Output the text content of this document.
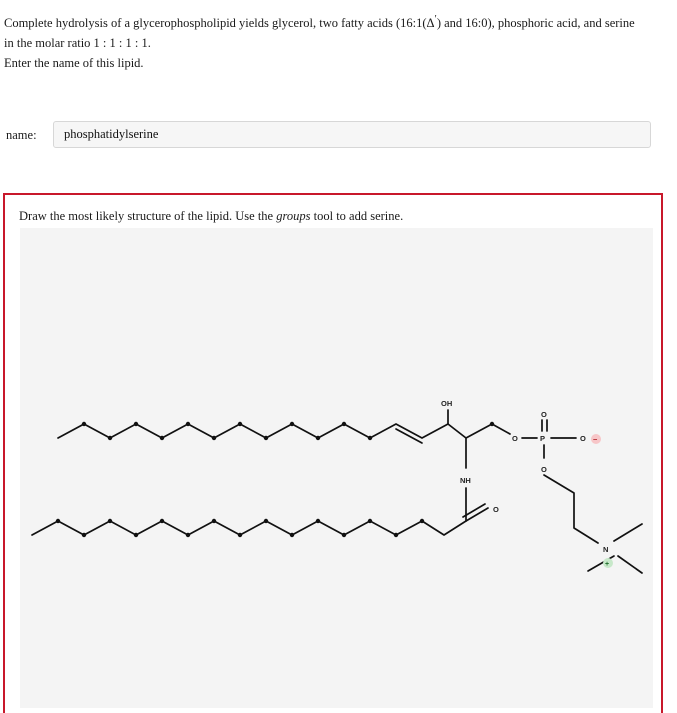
Complete hydrolysis of a glycerophospholipid yields glycerol, two fatty acids (16:1(Δ′) and 16:0), phosphoric acid, and serine

in the molar ratio 1 : 1 : 1 : 1.

Enter the name of this lipid.
name:	phosphatidylserine
Draw the most likely structure of the lipid. Use the groups tool to add serine.
OH
NH
O
O	P
O
O
O
N
−
+
